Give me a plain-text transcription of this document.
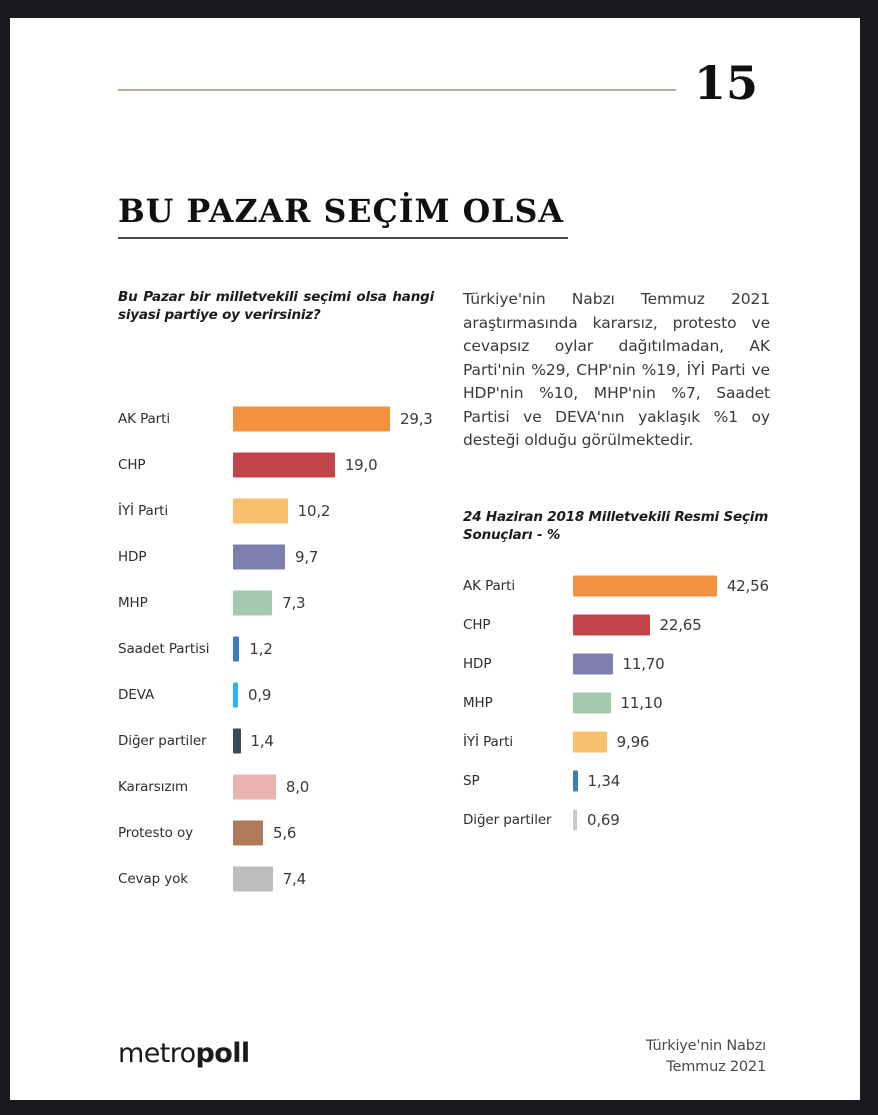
15
BU PAZAR SEÇİM OLSA
Bu Pazar bir milletvekili seçimi olsa hangi siyasi partiye oy verirsiniz?
AK Parti	29,3
CHP	19,0
İYİ Parti	10,2
HDP	9,7
MHP	7,3
Saadet Partisi	1,2
DEVA	0,9
Diğer partiler	1,4
Kararsızım	8,0
Protesto oy	5,6
Cevap yok	7,4
Türkiye'nin Nabzı Temmuz 2021 araştırmasında kararsız, protesto ve cevapsız oylar dağıtılmadan, AK Parti'nin %29, CHP'nin %19, İYİ Parti ve HDP'nin %10, MHP'nin %7, Saadet Partisi ve DEVA'nın yaklaşık %1 oy desteği olduğu görülmektedir.
24 Haziran 2018 Milletvekili Resmi Seçim Sonuçları - %
AK Parti	42,56
CHP	22,65
HDP	11,70
MHP	11,10
İYİ Parti	9,96
SP	1,34
Diğer partiler 0,69
metropoll	Türkiye'nin Nabzı
Temmuz 2021
